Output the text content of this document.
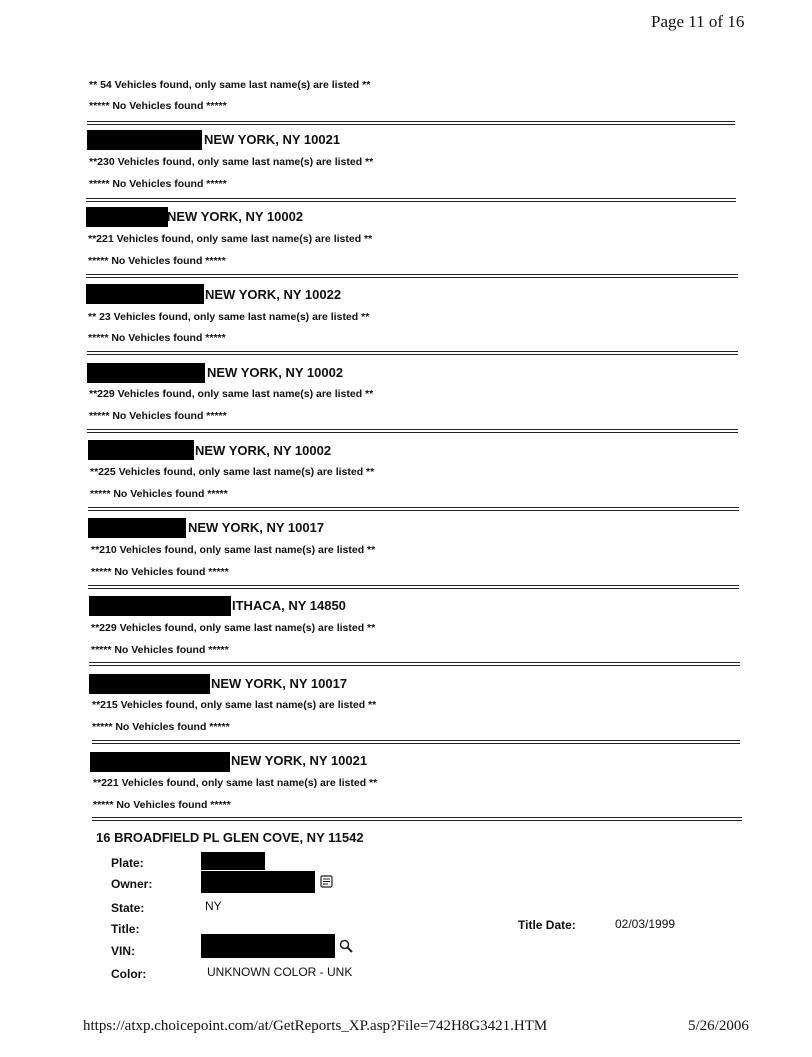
Page 11 of 16
** 54 Vehicles found, only same last name(s) are listed **
***** No Vehicles found *****
NEW YORK, NY 10021
**230 Vehicles found, only same last name(s) are listed **
***** No Vehicles found *****
NEW YORK, NY 10002
**221 Vehicles found, only same last name(s) are listed **
***** No Vehicles found *****
NEW YORK, NY 10022
** 23 Vehicles found, only same last name(s) are listed **
***** No Vehicles found *****
NEW YORK, NY 10002
**229 Vehicles found, only same last name(s) are listed **
***** No Vehicles found *****
NEW YORK, NY 10002
**225 Vehicles found, only same last name(s) are listed **
***** No Vehicles found *****
NEW YORK, NY 10017
**210 Vehicles found, only same last name(s) are listed **
***** No Vehicles found *****
ITHACA, NY 14850
**229 Vehicles found, only same last name(s) are listed **
***** No Vehicles found *****
NEW YORK, NY 10017
**215 Vehicles found, only same last name(s) are listed **
***** No Vehicles found *****
NEW YORK, NY 10021
**221 Vehicles found, only same last name(s) are listed **
***** No Vehicles found *****
16 BROADFIELD PL GLEN COVE, NY 11542
Plate:
Owner:
State:	NY
Title:	Title Date:	02/03/1999
VIN:
Color:	UNKNOWN COLOR - UNK
https://atxp.choicepoint.com/at/GetReports_XP.asp?File=742H8G3421.HTM	5/26/2006
